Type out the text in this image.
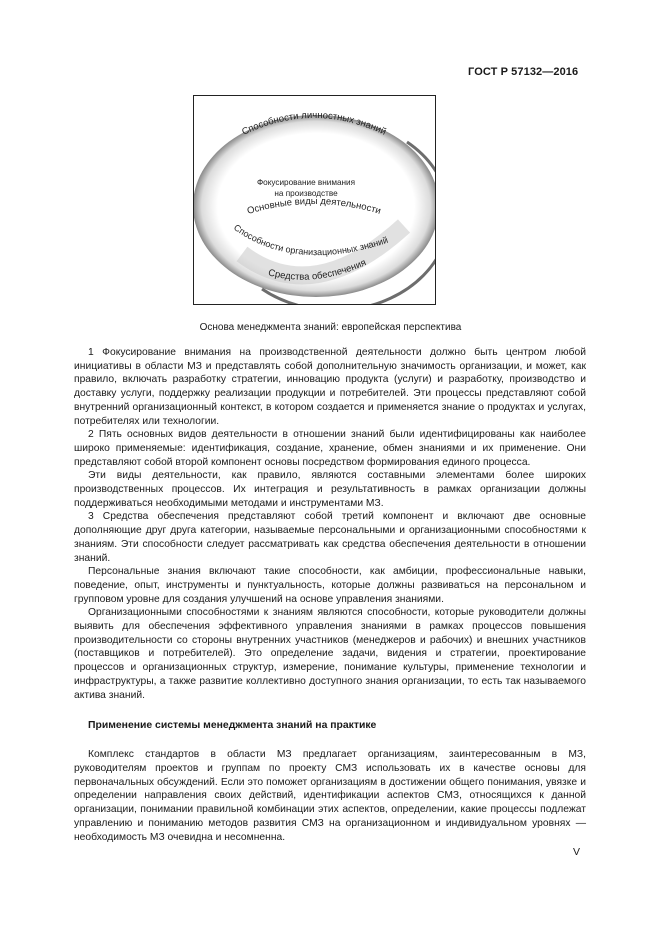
ГОСТ Р 57132—2016
Способности личностных знаний
Фокусирование внимания
на производстве
Основные виды деятельности
Способности организационных знаний
Средства обеспечения
Основа менеджмента знаний: европейская перспектива

1 Фокусирование внимания на производственной деятельности должно быть центром любой инициативы в области МЗ и представлять собой дополнительную значимость организации, и может, как правило, включать разработку стратегии, инновацию продукта (услуги) и разработку, производство и доставку услуги, поддержку реализации продукции и потребителей. Эти процессы представляют собой внутренний организационный контекст, в котором создается и применяется знание о продуктах и услугах, потребителях или технологии.

2 Пять основных видов деятельности в отношении знаний были идентифицированы как наиболее широко применяемые: идентификация, создание, хранение, обмен знаниями и их применение. Они представляют собой второй компонент основы посредством формирования единого процесса.

Эти виды деятельности, как правило, являются составными элементами более широких производственных процессов. Их интеграция и результативность в рамках организации должны поддерживаться необходимыми методами и инструментами МЗ.

3 Средства обеспечения представляют собой третий компонент и включают две основные дополняющие друг друга категории, называемые персональными и организационными способностями к знаниям. Эти способности следует рассматривать как средства обеспечения деятельности в отношении знаний.

Персональные знания включают такие способности, как амбиции, профессиональные навыки, поведение, опыт, инструменты и пунктуальность, которые должны развиваться на персональном и групповом уровне для создания улучшений на основе управления знаниями.

Организационными способностями к знаниям являются способности, которые руководители должны выявить для обеспечения эффективного управления знаниями в рамках процессов повышения производительности со стороны внутренних участников (менеджеров и рабочих) и внешних участников (поставщиков и потребителей). Это определение задачи, видения и стратегии, проектирование процессов и организационных структур, измерение, понимание культуры, применение технологии и инфраструктуры, а также развитие коллективно доступного знания организации, то есть так называемого актива знаний.

Применение системы менеджмента знаний на практике

Комплекс стандартов в области МЗ предлагает организациям, заинтересованным в МЗ, руководителям проектов и группам по проекту СМЗ использовать их в качестве основы для первоначальных обсуждений. Если это поможет организациям в достижении общего понимания, увязке и определении направления своих действий, идентификации аспектов СМЗ, относящихся к данной организации, понимании правильной комбинации этих аспектов, определении, какие процессы подлежат управлению и пониманию методов развития СМЗ на организационном и индивидуальном уровнях — необходимость МЗ очевидна и несомненна.

V
